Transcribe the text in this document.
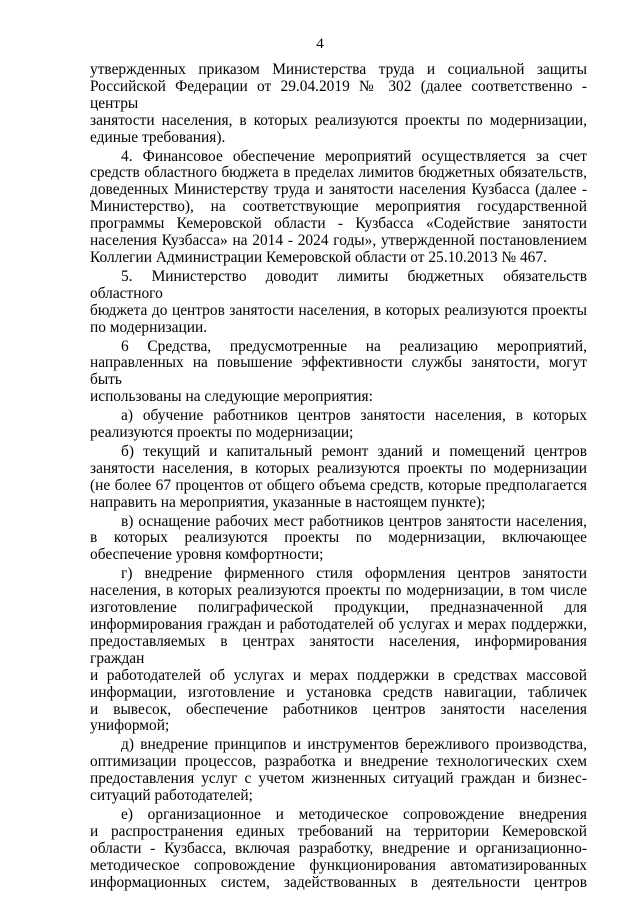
4
утвержденных приказом Министерства труда и социальной защиты
Российской Федерации от 29.04.2019 № 302 (далее соответственно - центры
занятости населения, в которых реализуются проекты по модернизации,
единые требования).
4. Финансовое обеспечение мероприятий осуществляется за счет
средств областного бюджета в пределах лимитов бюджетных обязательств,
доведенных Министерству труда и занятости населения Кузбасса (далее -
Министерство), на соответствующие мероприятия государственной
программы Кемеровской области - Кузбасса «Содействие занятости
населения Кузбасса» на 2014 - 2024 годы», утвержденной постановлением
Коллегии Администрации Кемеровской области от 25.10.2013 № 467.
5. Министерство доводит лимиты бюджетных обязательств областного
бюджета до центров занятости населения, в которых реализуются проекты
по модернизации.
6 Средства, предусмотренные на реализацию мероприятий,
направленных на повышение эффективности службы занятости, могут быть
использованы на следующие мероприятия:
а) обучение работников центров занятости населения, в которых
реализуются проекты по модернизации;
б) текущий и капитальный ремонт зданий и помещений центров
занятости населения, в которых реализуются проекты по модернизации
(не более 67 процентов от общего объема средств, которые предполагается
направить на мероприятия, указанные в настоящем пункте);
в) оснащение рабочих мест работников центров занятости населения,
в которых реализуются проекты по модернизации, включающее
обеспечение уровня комфортности;
г) внедрение фирменного стиля оформления центров занятости
населения, в которых реализуются проекты по модернизации, в том числе
изготовление полиграфической продукции, предназначенной для
информирования граждан и работодателей об услугах и мерах поддержки,
предоставляемых в центрах занятости населения, информирования граждан
и работодателей об услугах и мерах поддержки в средствах массовой
информации, изготовление и установка средств навигации, табличек
и вывесок, обеспечение работников центров занятости населения
униформой;
д) внедрение принципов и инструментов бережливого производства,
оптимизации процессов, разработка и внедрение технологических схем
предоставления услуг с учетом жизненных ситуаций граждан и бизнес-
ситуаций работодателей;
е) организационное и методическое сопровождение внедрения
и распространения единых требований на территории Кемеровской
области - Кузбасса, включая разработку, внедрение и организационно-
методическое сопровождение функционирования автоматизированных
информационных систем, задействованных в деятельности центров
